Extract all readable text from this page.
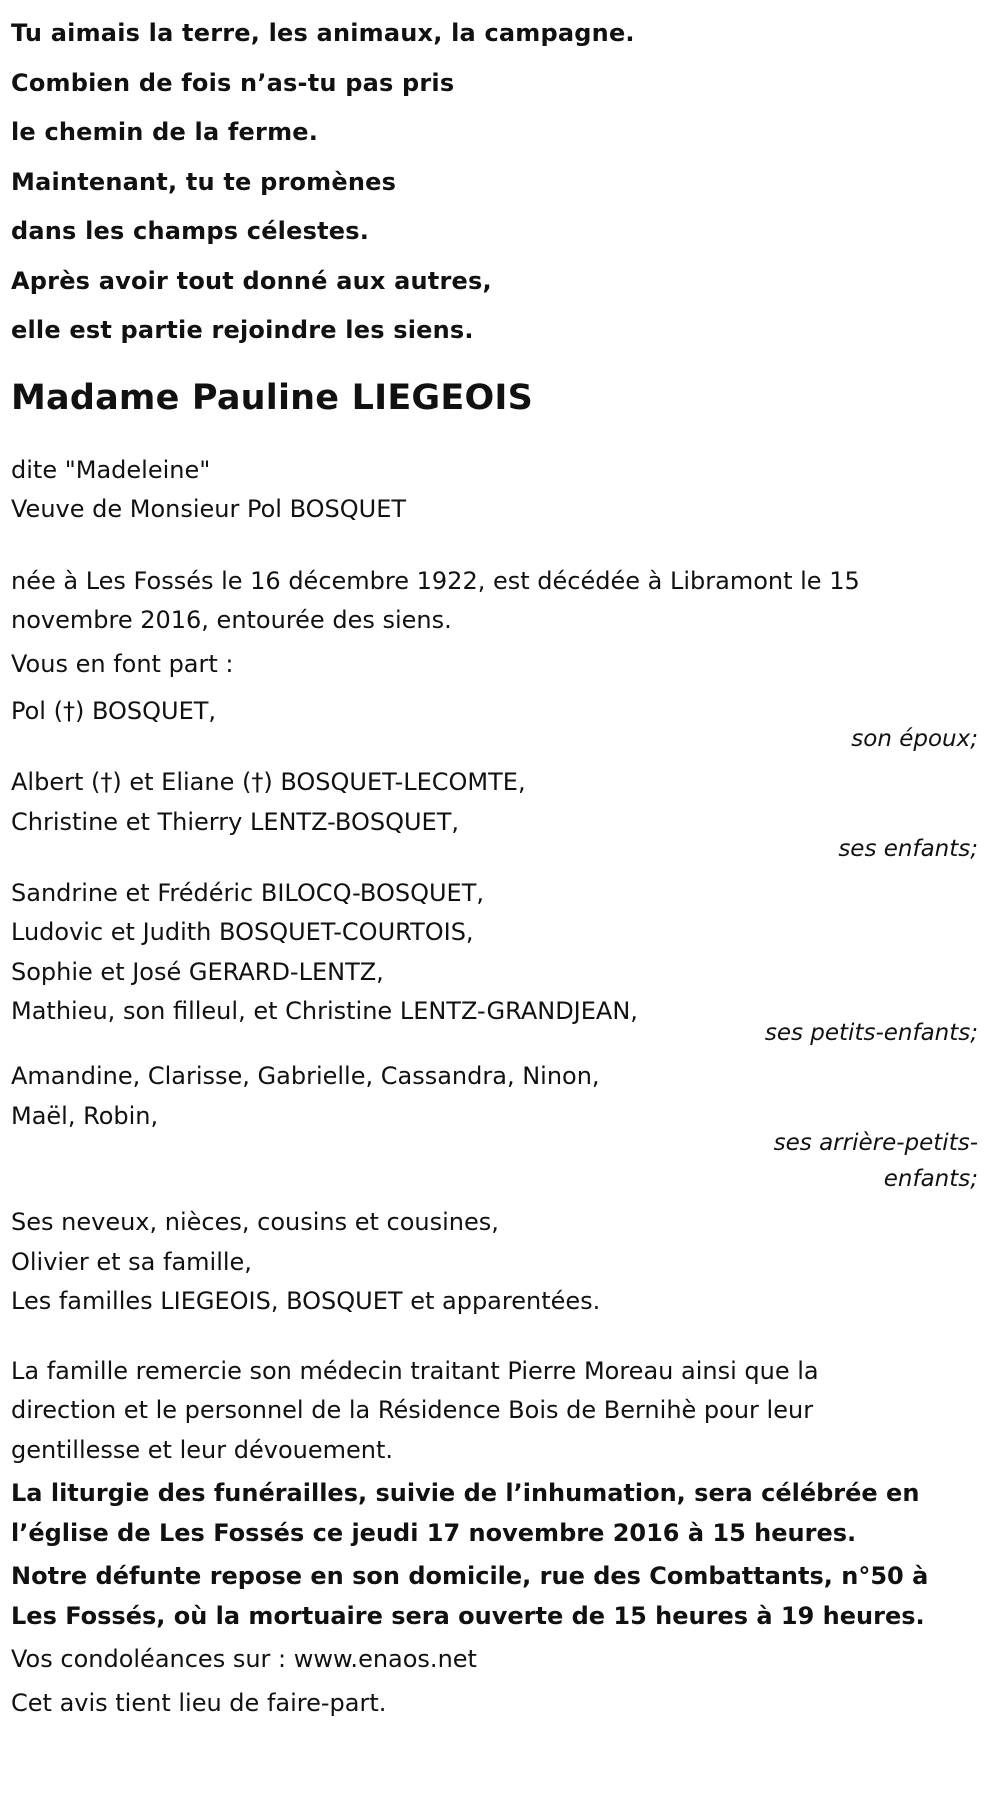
Tu aimais la terre, les animaux, la campagne.
Combien de fois n’as-tu pas pris
le chemin de la ferme.
Maintenant, tu te promènes
dans les champs célestes.
Après avoir tout donné aux autres,
elle est partie rejoindre les siens.
Madame Pauline LIEGEOIS

dite "Madeleine"

Veuve de Monsieur Pol BOSQUET

née à Les Fossés le 16 décembre 1922, est décédée à Libramont le 15

novembre 2016, entourée des siens.

Vous en font part :

Pol (†) BOSQUET,
son époux;
Albert (†) et Eliane (†) BOSQUET-LECOMTE,
Christine et Thierry LENTZ-BOSQUET,
ses enfants;
Sandrine et Frédéric BILOCQ-BOSQUET,
Ludovic et Judith BOSQUET-COURTOIS,
Sophie et José GERARD-LENTZ,
Mathieu, son filleul, et Christine LENTZ-GRANDJEAN,
ses petits-enfants;
Amandine, Clarisse, Gabrielle, Cassandra, Ninon,
Maël, Robin,
ses arrière-petits-
enfants;
Ses neveux, nièces, cousins et cousines,
Olivier et sa famille,
Les familles LIEGEOIS, BOSQUET et apparentées.

La famille remercie son médecin traitant Pierre Moreau ainsi que la

direction et le personnel de la Résidence Bois de Bernihè pour leur

gentillesse et leur dévouement.

La liturgie des funérailles, suivie de l’inhumation, sera célébrée en
l’église de Les Fossés ce jeudi 17 novembre 2016 à 15 heures.
Notre défunte repose en son domicile, rue des Combattants, n°50 à
Les Fossés, où la mortuaire sera ouverte de 15 heures à 19 heures.

Vos condoléances sur : www.enaos.net

Cet avis tient lieu de faire-part.
